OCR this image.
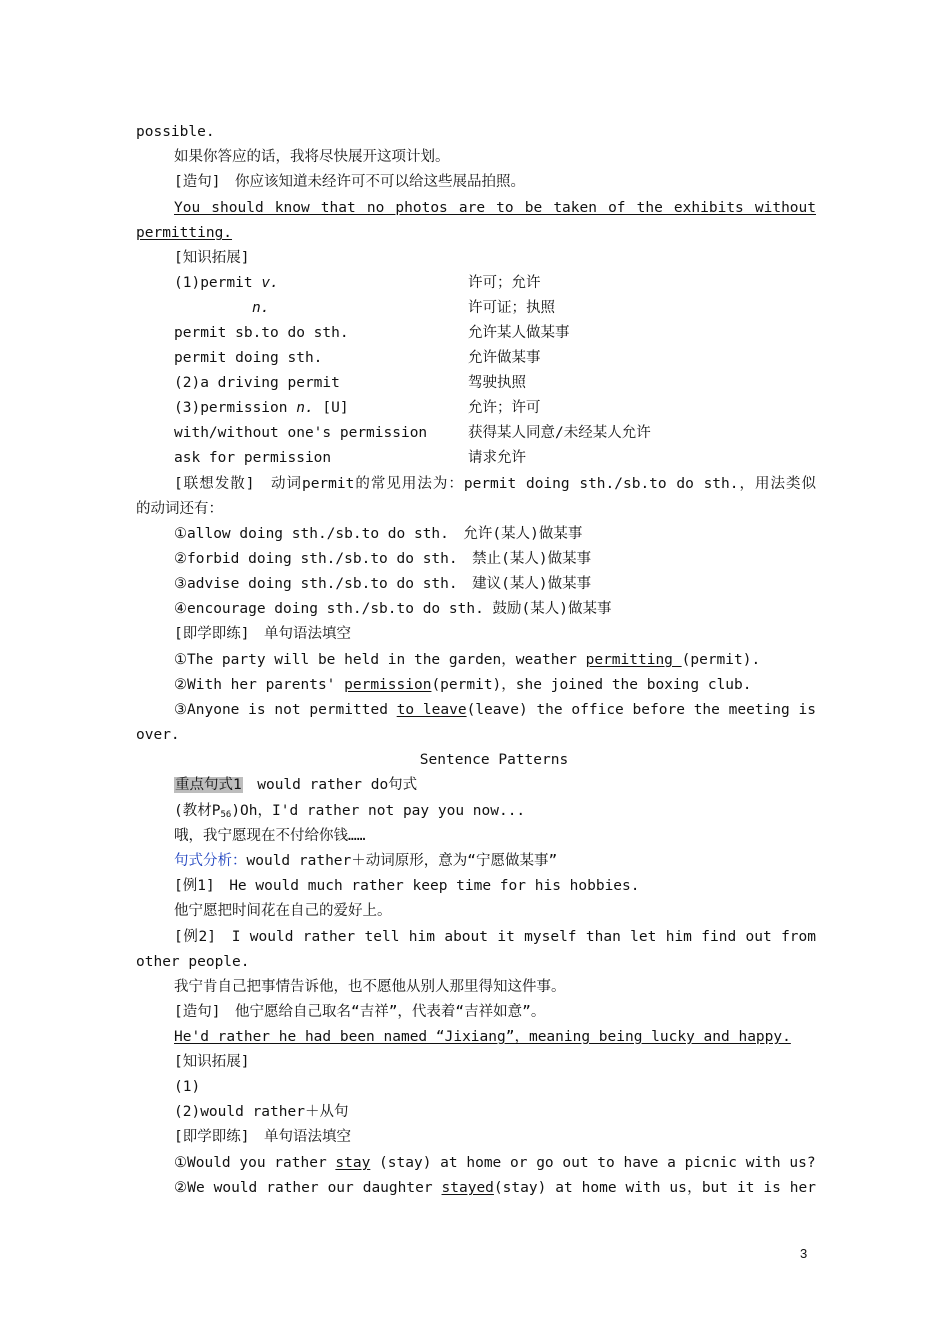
possible.
如果你答应的话，我将尽快展开这项计划。
[造句]　你应该知道未经许可不可以给这些展品拍照。
You should know that no photos are to be taken of the exhibits without
permitting.
[知识拓展]
(1)permit v.	许可；允许
n.	许可证；执照
permit sb.to do sth.	允许某人做某事
permit doing sth.	允许做某事
(2)a driving permit	驾驶执照
(3)permission n. [U]	允许；许可
with/without one's permission	获得某人同意/未经某人允许
ask for permission	请求允许
[联想发散]　动词permit的常见用法为：permit doing sth./sb.to do sth.，用法类似
的动词还有：
①allow doing sth./sb.to do sth.　允许(某人)做某事
②forbid doing sth./sb.to do sth.　禁止(某人)做某事
③advise doing sth./sb.to do sth.　建议(某人)做某事
④encourage doing sth./sb.to do sth. 鼓励(某人)做某事
[即学即练]　单句语法填空
①The party will be held in the garden，weather permitting (permit).
②With her parents' permission(permit)，she joined the boxing club.
③Anyone is not permitted to leave(leave) the office before the meeting is
over.
Sentence Patterns
重点句式1　would rather do句式
(教材$P_{56})Oh$，I'd rather not pay you now...
哦，我宁愿现在不付给你钱……
句式分析：would rather＋动词原形，意为“宁愿做某事”
[例1]　He would much rather keep time for his hobbies.
他宁愿把时间花在自己的爱好上。
[例2]　I would rather tell him about it myself than let him find out from
other people.
我宁肯自己把事情告诉他，也不愿他从别人那里得知这件事。
[造句]　他宁愿给自己取名“吉祥”，代表着“吉祥如意”。
He'd rather he had been named “Jixiang”，meaning being lucky and happy.
[知识拓展]
(1)
(2)would rather＋从句
[即学即练]　单句语法填空
①Would you rather stay (stay) at home or go out to have a picnic with us?
②We would rather our daughter stayed(stay) at home with us，but it is her
3
